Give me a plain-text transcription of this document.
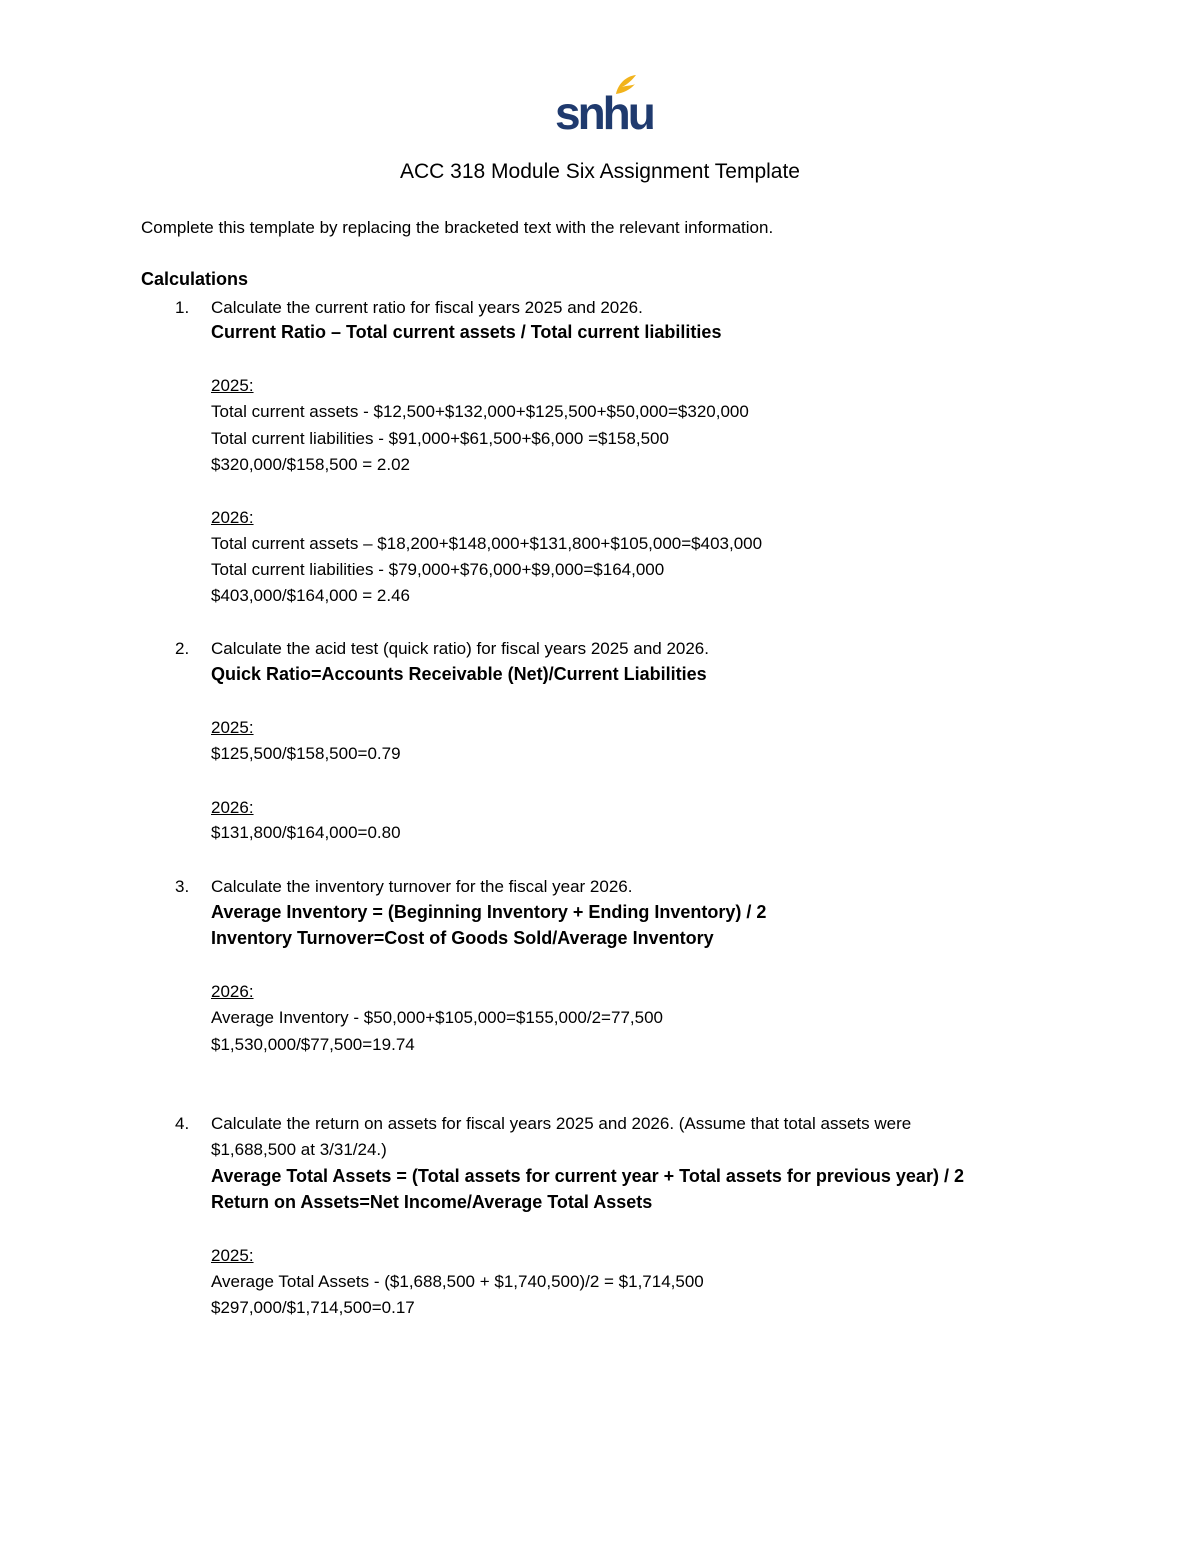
snhu
ACC 318 Module Six Assignment Template
Complete this template by replacing the bracketed text with the relevant information.
Calculations
1. Calculate the current ratio for fiscal years 2025 and 2026.
Current Ratio – Total current assets / Total current liabilities
2025:
Total current assets - $12,500+$132,000+$125,500+$50,000=$320,000
Total current liabilities - $91,000+$61,500+$6,000 =$158,500
$320,000/$158,500 = 2.02
2026:
Total current assets – $18,200+$148,000+$131,800+$105,000=$403,000
Total current liabilities - $79,000+$76,000+$9,000=$164,000
$403,000/$164,000 = 2.46
2. Calculate the acid test (quick ratio) for fiscal years 2025 and 2026.
Quick Ratio=Accounts Receivable (Net)/Current Liabilities
2025:
$125,500/$158,500=0.79
2026:
$131,800/$164,000=0.80
3. Calculate the inventory turnover for the fiscal year 2026.
Average Inventory = (Beginning Inventory + Ending Inventory) / 2
Inventory Turnover=Cost of Goods Sold/Average Inventory
2026:
Average Inventory - $50,000+$105,000=$155,000/2=77,500
$1,530,000/$77,500=19.74
4. Calculate the return on assets for fiscal years 2025 and 2026. (Assume that total assets were
$1,688,500 at 3/31/24.)
Average Total Assets = (Total assets for current year + Total assets for previous year) / 2
Return on Assets=Net Income/Average Total Assets
2025:
Average Total Assets - ($1,688,500 + $1,740,500)/2 = $1,714,500
$297,000/$1,714,500=0.17
